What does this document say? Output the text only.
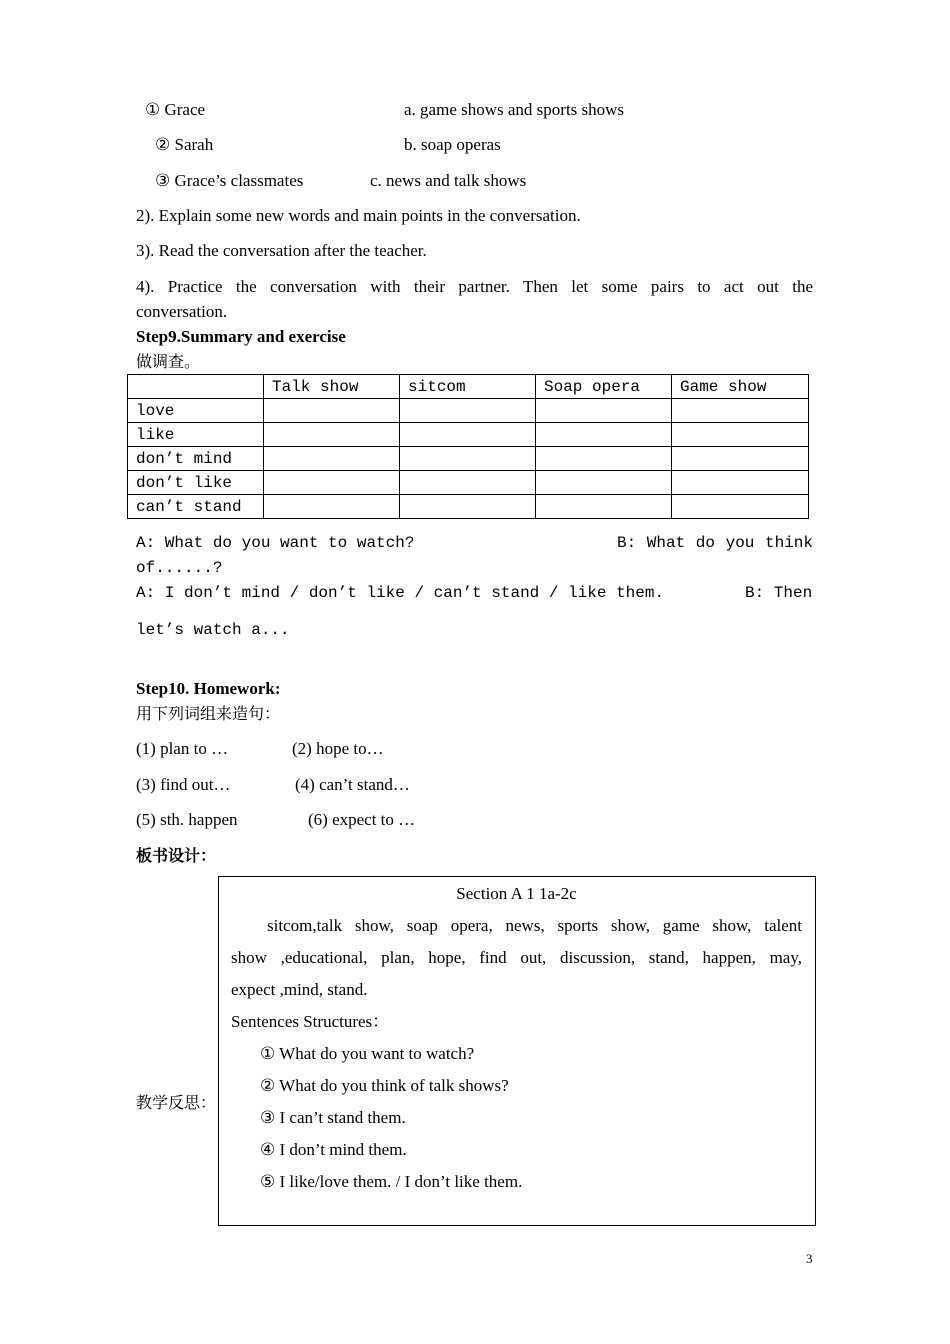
① Grace	a. game shows and sports shows
② Sarah	b. soap operas
③ Grace’s classmates	c. news and talk shows
2). Explain some new words and main points in the conversation.
3). Read the conversation after the teacher.
4). Practice the conversation with their partner. Then let some pairs to act out the
conversation.
Step9.Summary and exercise
做调查。
	Talk show	sitcom	Soap opera	Game show
love				
like				
don’t mind				
don’t like				
can’t stand				
A: What do you want to watch?	B: What do you think
of......?
A: I don’t mind / don’t like / can’t stand / like them.	B: Then
let’s watch a...
Step10. Homework:
用下列词组来造句：
(1) plan to …	(2) hope to…
(3) find out…	(4) can’t stand…
(5) sth. happen	(6) expect to …
板书设计：
教学反思：
Section A 1 1a-2c
sitcom,talk show, soap opera, news, sports show, game show, talent
show ,educational, plan, hope, find out, discussion, stand, happen, may,
expect ,mind, stand.
Sentences Structures：
① What do you want to watch?
② What do you think of talk shows?
③ I can’t stand them.
④ I don’t mind them.
⑤ I like/love them. / I don’t like them.
3
